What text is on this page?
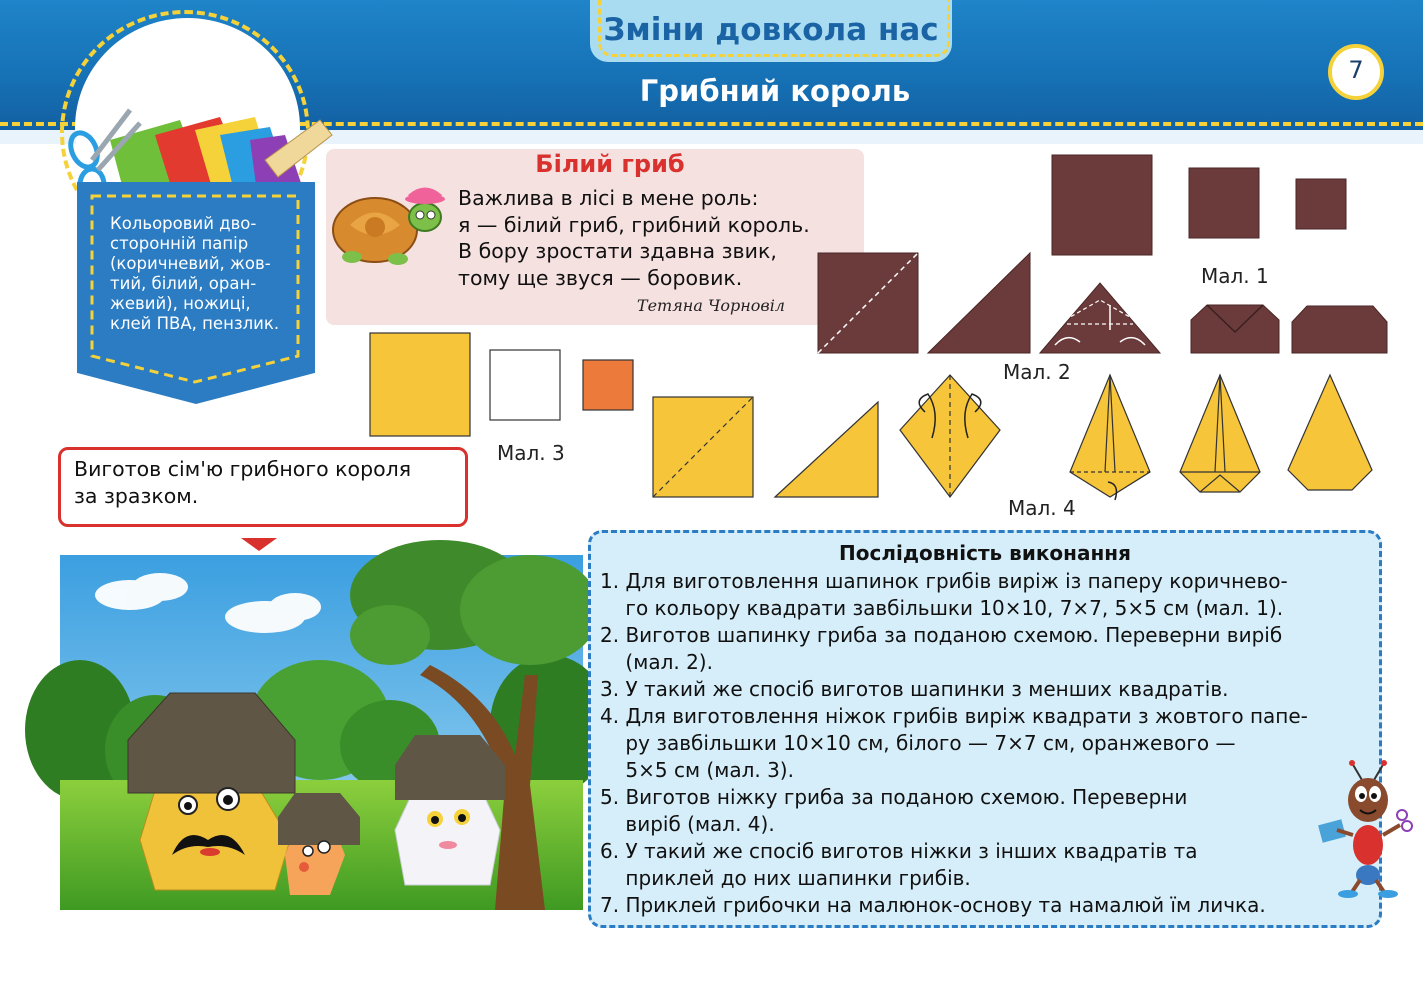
Зміни довкола нас
Грибний король
7
Кольоровий дво-
сторонній папір
(коричневий, жов-
тий, білий, оран-
жевий), ножиці,
клей ПВА, пензлик.
Білий гриб
Важлива в лісі в мене роль:
я — білий гриб, грибний король.
В бору зростати здавна звик,
тому ще звуся — боровик.
Тетяна Чорновіл
Мал. 1
Мал. 2
Мал. 3
Мал. 4
Виготов сім'ю грибного короля
за зразком.
Послідовність виконання
1. Для виготовлення шапинок грибів виріж із паперу коричнево-
го кольору квадрати завбільшки 10×10, 7×7, 5×5 см (мал. 1).
2. Виготов шапинку гриба за поданою схемою. Переверни виріб
(мал. 2).
3. У такий же спосіб виготов шапинки з менших квадратів.
4. Для виготовлення ніжок грибів виріж квадрати з жовтого папе-
ру завбільшки 10×10 см, білого — 7×7 см, оранжевого —
5×5 см (мал. 3).
5. Виготов ніжку гриба за поданою схемою. Переверни
виріб (мал. 4).
6. У такий же спосіб виготов ніжки з інших квадратів та
приклей до них шапинки грибів.
7. Приклей грибочки на малюнок-основу та намалюй їм личка.
